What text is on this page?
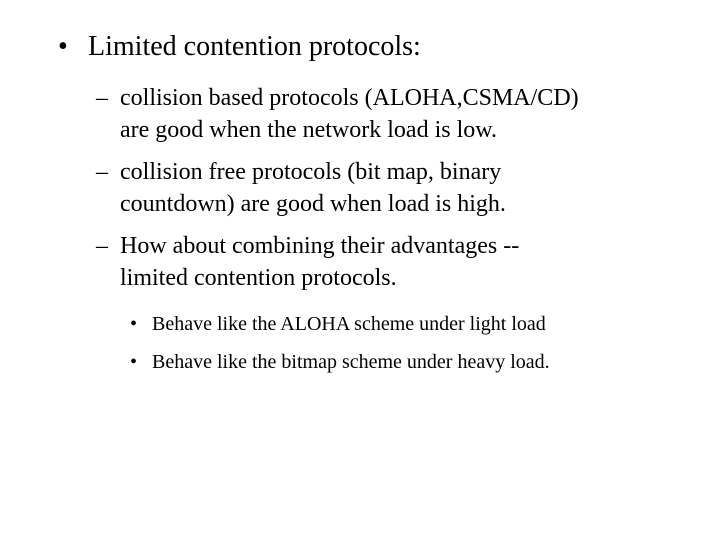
• Limited contention protocols:
– collision based protocols (ALOHA,CSMA/CD)
are good when the network load is low.
– collision free protocols (bit map, binary
countdown) are good when load is high.
– How about combining their advantages --
limited contention protocols.
• Behave like the ALOHA scheme under light load
• Behave like the bitmap scheme under heavy load.
